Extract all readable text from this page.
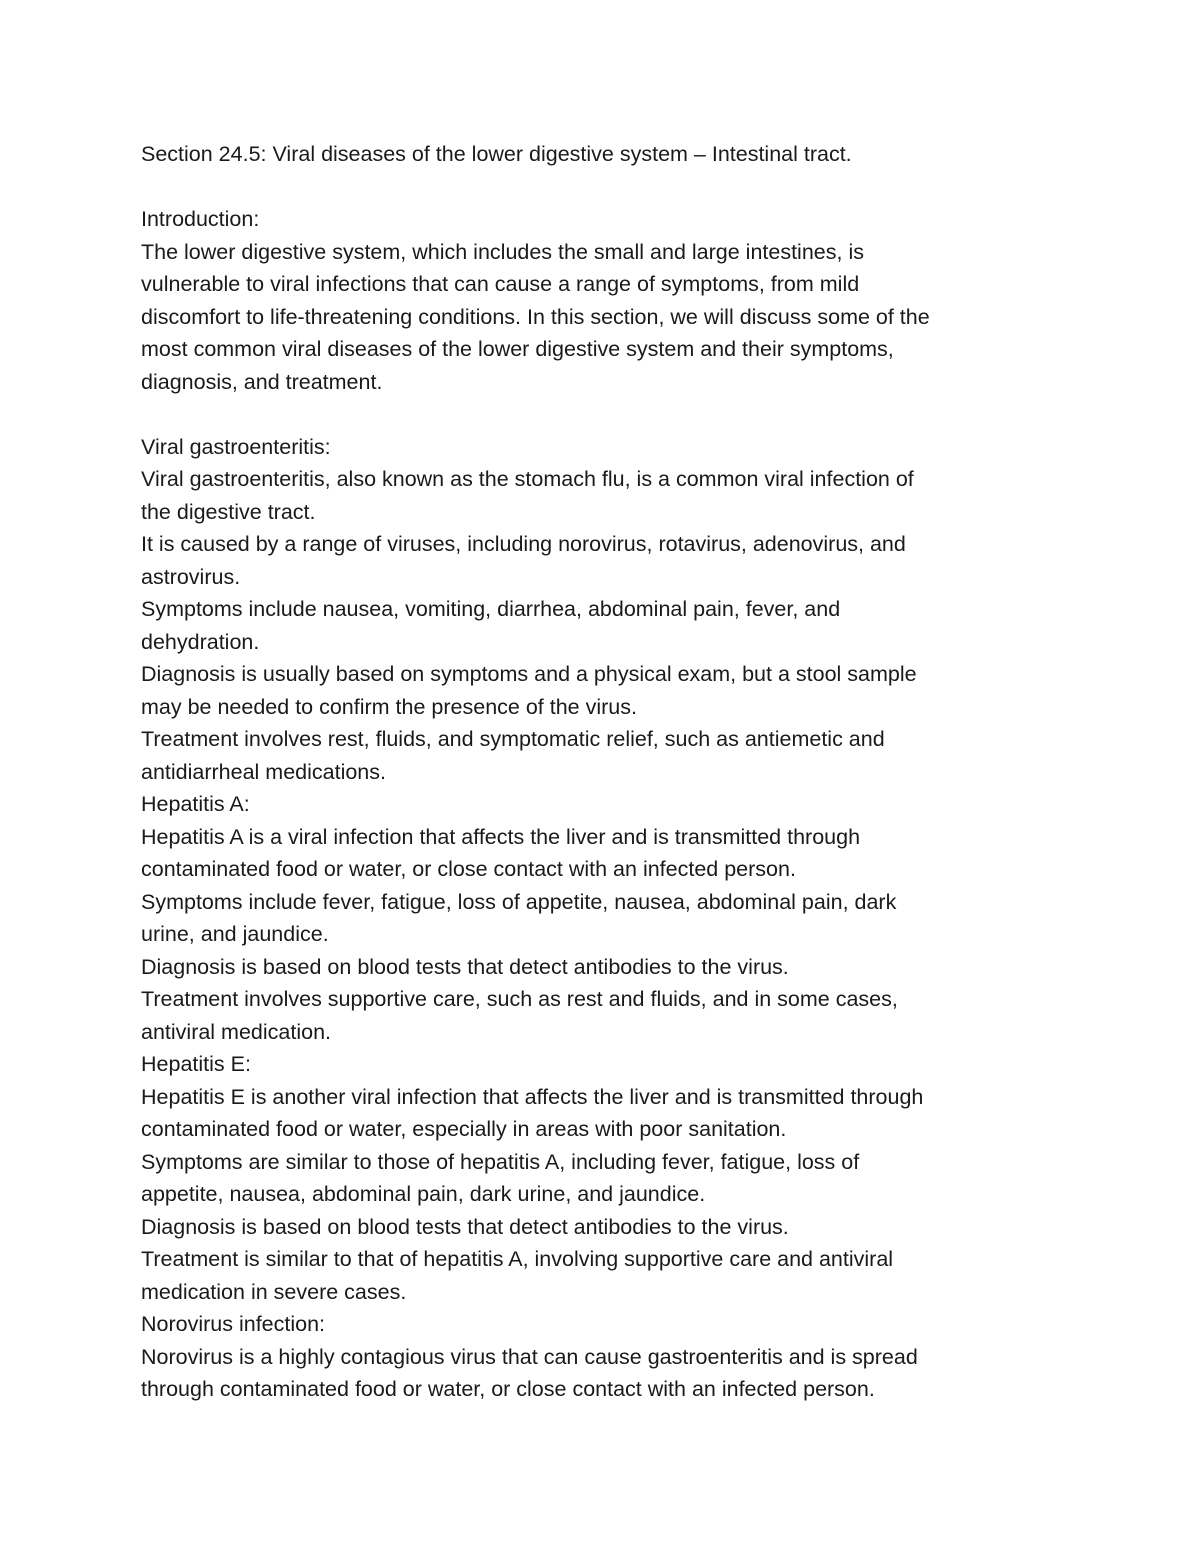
Section 24.5: Viral diseases of the lower digestive system – Intestinal tract.
Introduction:
The lower digestive system, which includes the small and large intestines, is
vulnerable to viral infections that can cause a range of symptoms, from mild
discomfort to life-threatening conditions. In this section, we will discuss some of the
most common viral diseases of the lower digestive system and their symptoms,
diagnosis, and treatment.
Viral gastroenteritis:
Viral gastroenteritis, also known as the stomach flu, is a common viral infection of
the digestive tract.
It is caused by a range of viruses, including norovirus, rotavirus, adenovirus, and
astrovirus.
Symptoms include nausea, vomiting, diarrhea, abdominal pain, fever, and
dehydration.
Diagnosis is usually based on symptoms and a physical exam, but a stool sample
may be needed to confirm the presence of the virus.
Treatment involves rest, fluids, and symptomatic relief, such as antiemetic and
antidiarrheal medications.
Hepatitis A:
Hepatitis A is a viral infection that affects the liver and is transmitted through
contaminated food or water, or close contact with an infected person.
Symptoms include fever, fatigue, loss of appetite, nausea, abdominal pain, dark
urine, and jaundice.
Diagnosis is based on blood tests that detect antibodies to the virus.
Treatment involves supportive care, such as rest and fluids, and in some cases,
antiviral medication.
Hepatitis E:
Hepatitis E is another viral infection that affects the liver and is transmitted through
contaminated food or water, especially in areas with poor sanitation.
Symptoms are similar to those of hepatitis A, including fever, fatigue, loss of
appetite, nausea, abdominal pain, dark urine, and jaundice.
Diagnosis is based on blood tests that detect antibodies to the virus.
Treatment is similar to that of hepatitis A, involving supportive care and antiviral
medication in severe cases.
Norovirus infection:
Norovirus is a highly contagious virus that can cause gastroenteritis and is spread
through contaminated food or water, or close contact with an infected person.
